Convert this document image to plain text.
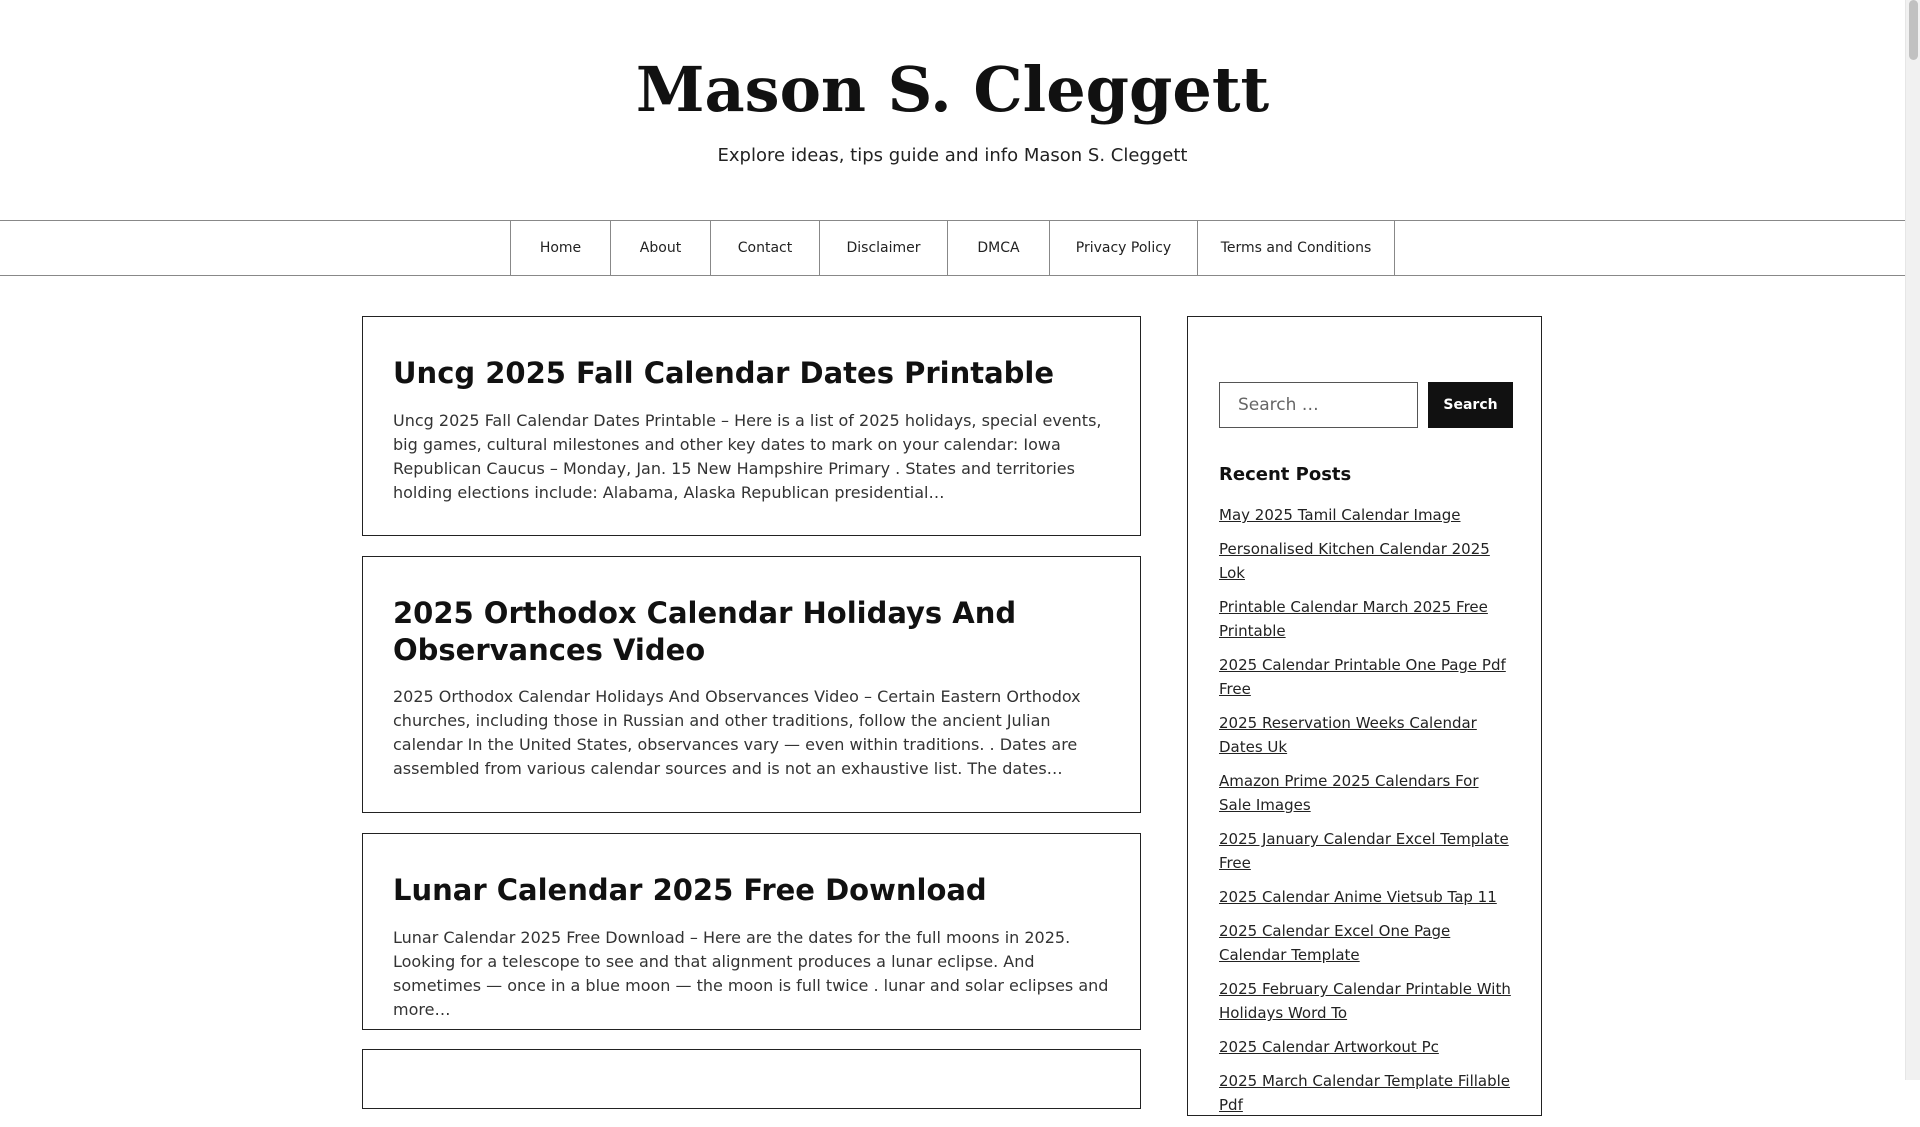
Mason S. Cleggett
Explore ideas, tips guide and info Mason S. Cleggett
Home	About	Contact	Disclaimer	DMCA	Privacy Policy	Terms and Conditions
Uncg 2025 Fall Calendar Dates Printable
Uncg 2025 Fall Calendar Dates Printable – Here is a list of 2025 holidays, special events, big games, cultural milestones and other key dates to mark on your calendar: Iowa Republican Caucus – Monday, Jan. 15 New Hampshire Primary . States and territories holding elections include: Alabama, Alaska Republican presidential…
2025 Orthodox Calendar Holidays And Observances Video
2025 Orthodox Calendar Holidays And Observances Video – Certain Eastern Orthodox churches, including those in Russian and other traditions, follow the ancient Julian calendar In the United States, observances vary — even within traditions. . Dates are assembled from various calendar sources and is not an exhaustive list. The dates…
Lunar Calendar 2025 Free Download
Lunar Calendar 2025 Free Download – Here are the dates for the full moons in 2025. Looking for a telescope to see and that alignment produces a lunar eclipse. And sometimes — once in a blue moon — the moon is full twice . lunar and solar eclipses and more…
Search …	Search
Recent Posts
May 2025 Tamil Calendar Image
Personalised Kitchen Calendar 2025 Lok
Printable Calendar March 2025 Free Printable
2025 Calendar Printable One Page Pdf Free
2025 Reservation Weeks Calendar Dates Uk
Amazon Prime 2025 Calendars For Sale Images
2025 January Calendar Excel Template Free
2025 Calendar Anime Vietsub Tap 11
2025 Calendar Excel One Page Calendar Template
2025 February Calendar Printable With Holidays Word To
2025 Calendar Artworkout Pc
2025 March Calendar Template Fillable Pdf
